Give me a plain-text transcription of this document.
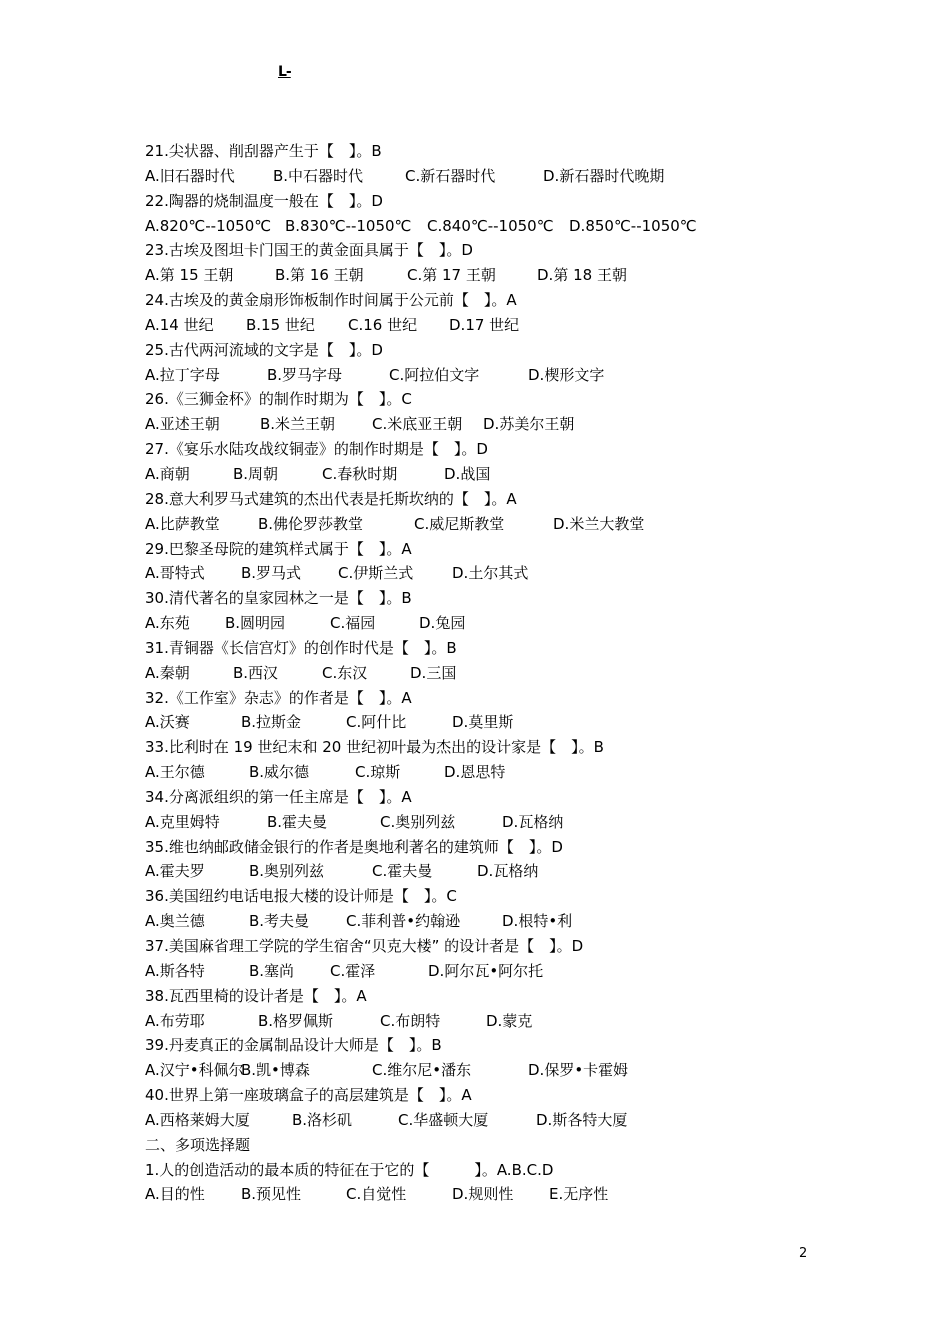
L-
21.尖状器、削刮器产生于【　】。B
A.旧石器时代	B.中石器时代	C.新石器时代	D.新石器时代晚期
22.陶器的烧制温度一般在【　】。D
A.820℃--1050℃ B.830℃--1050℃ C.840℃--1050℃ D.850℃--1050℃
23.古埃及图坦卡门国王的黄金面具属于【　】。D
A.第 15 王朝	B.第 16 王朝	C.第 17 王朝	D.第 18 王朝
24.古埃及的黄金扇形饰板制作时间属于公元前【　】。A
A.14 世纪 B.15 世纪 C.16 世纪 D.17 世纪
25.古代两河流域的文字是【　】。D
A.拉丁字母	B.罗马字母	C.阿拉伯文字	D.楔形文字
26.《三狮金杯》的制作时期为【　】。C
A.亚述王朝	B.米兰王朝 C.米底亚王朝 D.苏美尔王朝
27.《宴乐水陆攻战纹铜壶》的制作时期是【　】。D
A.商朝	B.周朝	C.春秋时期	D.战国
28.意大利罗马式建筑的杰出代表是托斯坎纳的【　】。A
A.比萨教堂	B.佛伦罗莎教堂	C.威尼斯教堂	D.米兰大教堂
29.巴黎圣母院的建筑样式属于【　】。A
A.哥特式 B.罗马式 C.伊斯兰式	D.土尔其式
30.清代著名的皇家园林之一是【　】。B
A.东苑 B.圆明园	C.福园	D.兔园
31.青铜器《长信宫灯》的创作时代是【　】。B
A.秦朝	B.西汉	C.东汉	D.三国
32.《工作室》杂志》的作者是【　】。A
A.沃赛	B.拉斯金	C.阿什比	D.莫里斯
33.比利时在 19 世纪末和 20 世纪初叶最为杰出的设计家是【　】。B
A.王尔德	B.威尔德	C.琼斯	D.恩思特
34.分离派组织的第一任主席是【　】。A
A.克里姆特	B.霍夫曼	C.奥别列兹	D.瓦格纳
35.维也纳邮政储金银行的作者是奥地利著名的建筑师【　】。D
A.霍夫罗	B.奥别列兹	C.霍夫曼	D.瓦格纳
36.美国纽约电话电报大楼的设计师是【　】。C
A.奥兰德	B.考夫曼 C.菲利普•约翰逊	D.根特•利
37.美国麻省理工学院的学生宿舍“贝克大楼” 的设计者是【　】。D
A.斯各特	B.塞尚 C.霍泽	D.阿尔瓦•阿尔托
38.瓦西里椅的设计者是【　】。A
A.布劳耶	B.格罗佩斯	C.布朗特	D.蒙克
39.丹麦真正的金属制品设计大师是【　】。B
A.汉宁•科佩尔
B.凯•博森	C.维尔尼•潘东	D.保罗•卡霍姆
40.世界上第一座玻璃盒子的高层建筑是【　】。A
A.西格莱姆大厦	B.洛杉矶	C.华盛顿大厦	D.斯各特大厦
二、多项选择题
1.人的创造活动的最本质的特征在于它的【　　　】。A.B.C.D
A.目的性 B.预见性	C.自觉性	D.规则性 E.无序性
2
